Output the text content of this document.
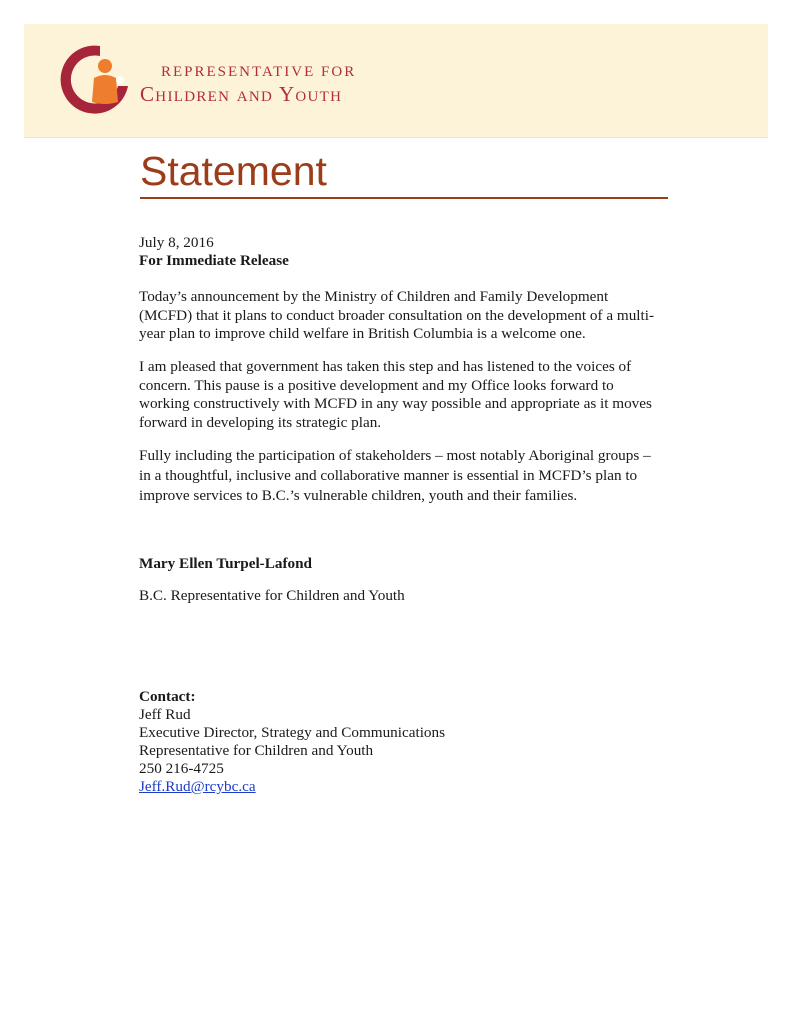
REPRESENTATIVE FOR
Children and Youth
Statement
July 8, 2016
For Immediate Release
Today’s announcement by the Ministry of Children and Family Development
(MCFD) that it plans to conduct broader consultation on the development of a multi-
year plan to improve child welfare in British Columbia is a welcome one.
I am pleased that government has taken this step and has listened to the voices of
concern. This pause is a positive development and my Office looks forward to
working constructively with MCFD in any way possible and appropriate as it moves
forward in developing its strategic plan.
Fully including the participation of stakeholders – most notably Aboriginal groups –
in a thoughtful, inclusive and collaborative manner is essential in MCFD’s plan to
improve services to B.C.’s vulnerable children, youth and their families.
Mary Ellen Turpel-Lafond
B.C. Representative for Children and Youth
Contact:
Jeff Rud
Executive Director, Strategy and Communications
Representative for Children and Youth
250 216-4725
Jeff.Rud@rcybc.ca
